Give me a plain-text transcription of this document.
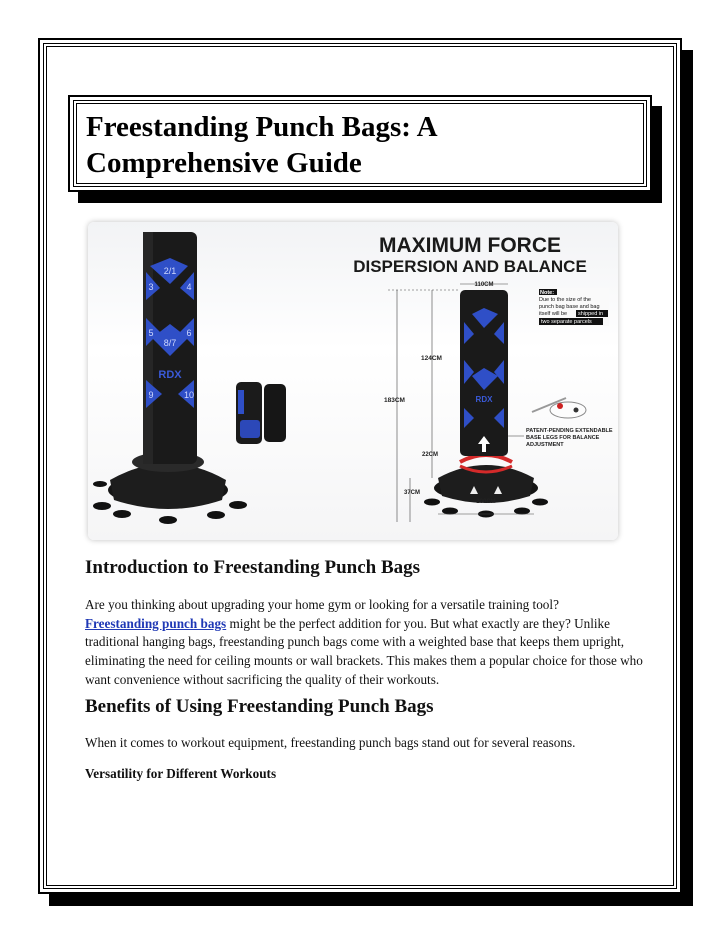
Freestanding Punch Bags: A
Comprehensive Guide
2/1
3	4
5	6
8/7
9	10
RDX
MAXIMUM FORCE
DISPERSION AND BALANCE
Note:
Due to the size of the
punch bag base and bag
itself will be shipped in
two separate parcels
RDX
PATENT-PENDING EXTENDABLE
BASE LEGS FOR BALANCE
ADJUSTMENT
110CM
124CM
183CM
22CM
37CM
200CM
Introduction to Freestanding Punch Bags

Are you thinking about upgrading your home gym or looking for a versatile training tool?
Freestanding punch bags might be the perfect addition for you. But what exactly are they? Unlike traditional hanging bags, freestanding punch bags come with a weighted base that keeps them upright, eliminating the need for ceiling mounts or wall brackets. This makes them a popular choice for those who want convenience without sacrificing the quality of their workouts.

Benefits of Using Freestanding Punch Bags

When it comes to workout equipment, freestanding punch bags stand out for several reasons.

Versatility for Different Workouts
